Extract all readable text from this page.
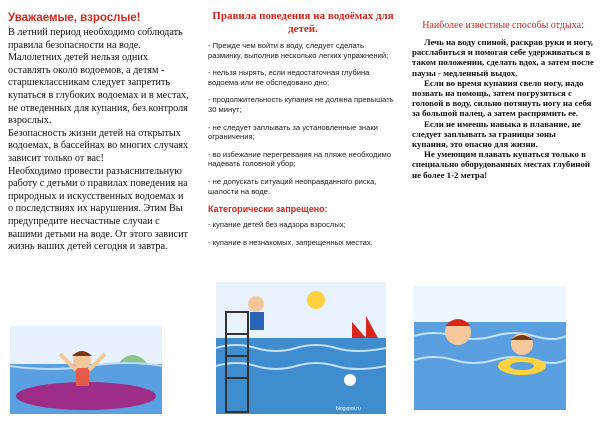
Уважаемые, взрослые!

В летний период необходимо соблюдать правила безопасности на воде. Малолетних детей нельзя одних оставлять около водоемов, а детям - старшеклассникам следует запретить купаться в глубоких водоемах и в местах, не отведенных для купания, без контроля взрослых.

Безопасность жизни детей на открытых водоемах, в бассейнах во многих случаях зависит только от вас!

Необходимо провести разъяснительную работу с детьми о правилах поведения на природных и искусственных водоемах и о последствиях их нарушения. Этим Вы предупредите несчастные случаи с вашими детьми на воде. От этого зависит жизнь ваших детей сегодня и завтра.

Правила поведения на водоёмах для детей.

- Прежде чем войти в воду, следует сделать разминку, выполнив несколько легких упражнений;

- нельзя нырять, если недостаточная глубина водоема или не обследовано дно;

- продолжительность купания не должна превышать 30 минут;

- не следует заплывать за установленные знаки ограничения;

- во избежание перегревания на пляже необходимо надевать головной убор;

- не допускать ситуаций неоправданного риска, шалости на воде.

Категорически запрещено:

- купание детей без надзора взрослых;

- купание в незнакомых, запрещенных местах.

blogspot.ru
Наиболее известные способы отдыха:

Лечь на воду спиной, раскрав руки и ногу, расслабиться и помогая себе удерживаться в таком положении, сделать вдох, а затем после паузы - медленный выдох.

Если во время купания свело ногу, надо позвать на помощь, затем погрузиться с головой в воду, сильно потянуть ногу на себя за большой палец, а затем распрямить ее.

Если не имеешь навыка в плавание, не следует заплывать за границы зоны купания, это опасно для жизни.

Не умеющим плавать купаться только в специально оборудованных местах глубиной не более 1-2 метра!
